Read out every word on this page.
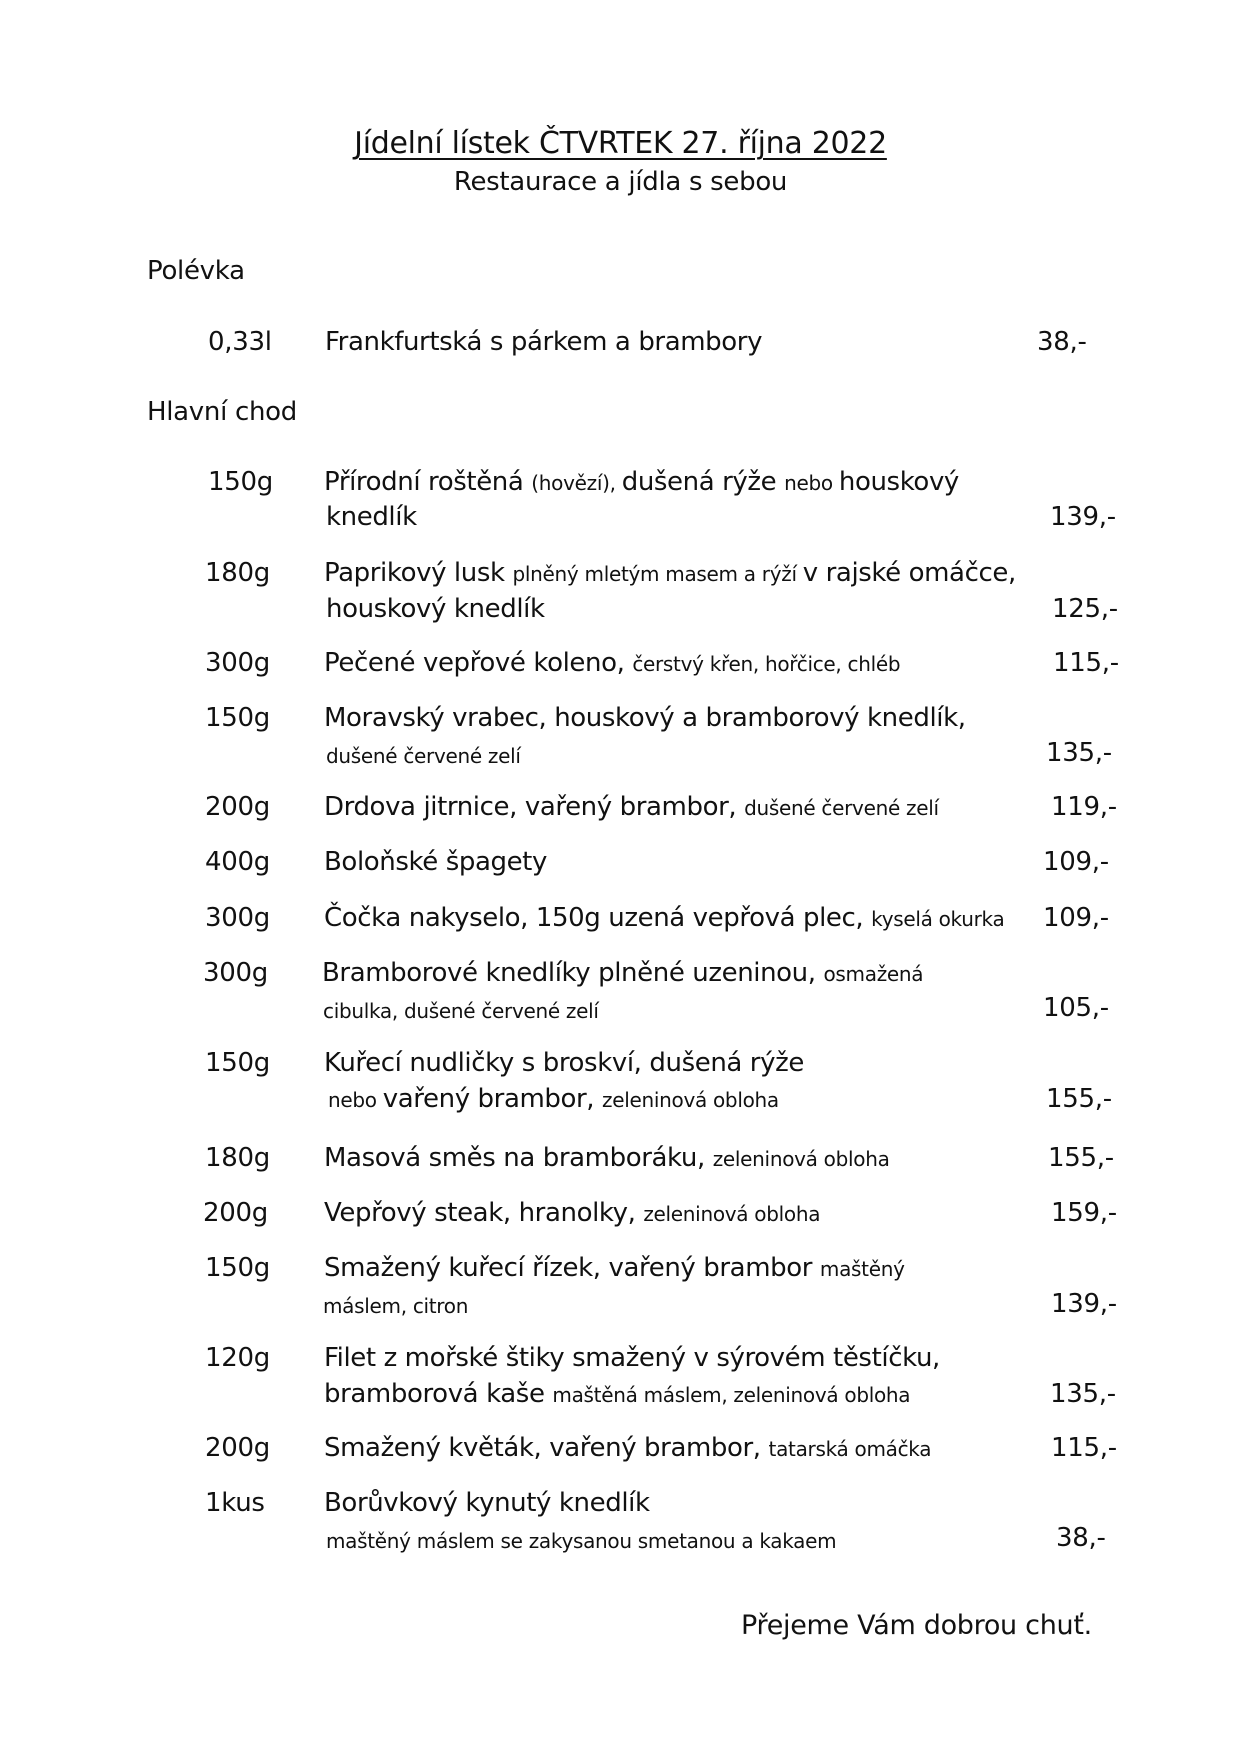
Jídelní lístek ČTVRTEK 27. října 2022
Restaurace a jídla s sebou
Polévka
0,33l Frankfurtská s párkem a brambory	38,-
Hlavní chod
150g Přírodní roštěná (hovězí), dušená rýže nebo houskový
knedlík	139,-
180g Paprikový lusk plněný mletým masem a rýží v rajské omáčce,
houskový knedlík	125,-
300g Pečené vepřové koleno, čerstvý křen, hořčice, chléb	115,-
150g Moravský vrabec, houskový a bramborový knedlík,
dušené červené zelí	135,-
200g Drdova jitrnice, vařený brambor, dušené červené zelí	119,-
400g Boloňské špagety	109,-
300g Čočka nakyselo, 150g uzená vepřová plec, kyselá okurka 109,-
300g Bramborové knedlíky plněné uzeninou, osmažená
cibulka, dušené červené zelí	105,-
150g Kuřecí nudličky s broskví, dušená rýže
nebo vařený brambor, zeleninová obloha	155,-
180g Masová směs na bramboráku, zeleninová obloha	155,-
200g Vepřový steak, hranolky, zeleninová obloha	159,-
150g Smažený kuřecí řízek, vařený brambor maštěný
máslem, citron	139,-
120g Filet z mořské štiky smažený v sýrovém těstíčku,
bramborová kaše maštěná máslem, zeleninová obloha	135,-
200g Smažený květák, vařený brambor, tatarská omáčka	115,-
1kus Borůvkový kynutý knedlík
maštěný máslem se zakysanou smetanou a kakaem	38,-
Přejeme Vám dobrou chuť.
